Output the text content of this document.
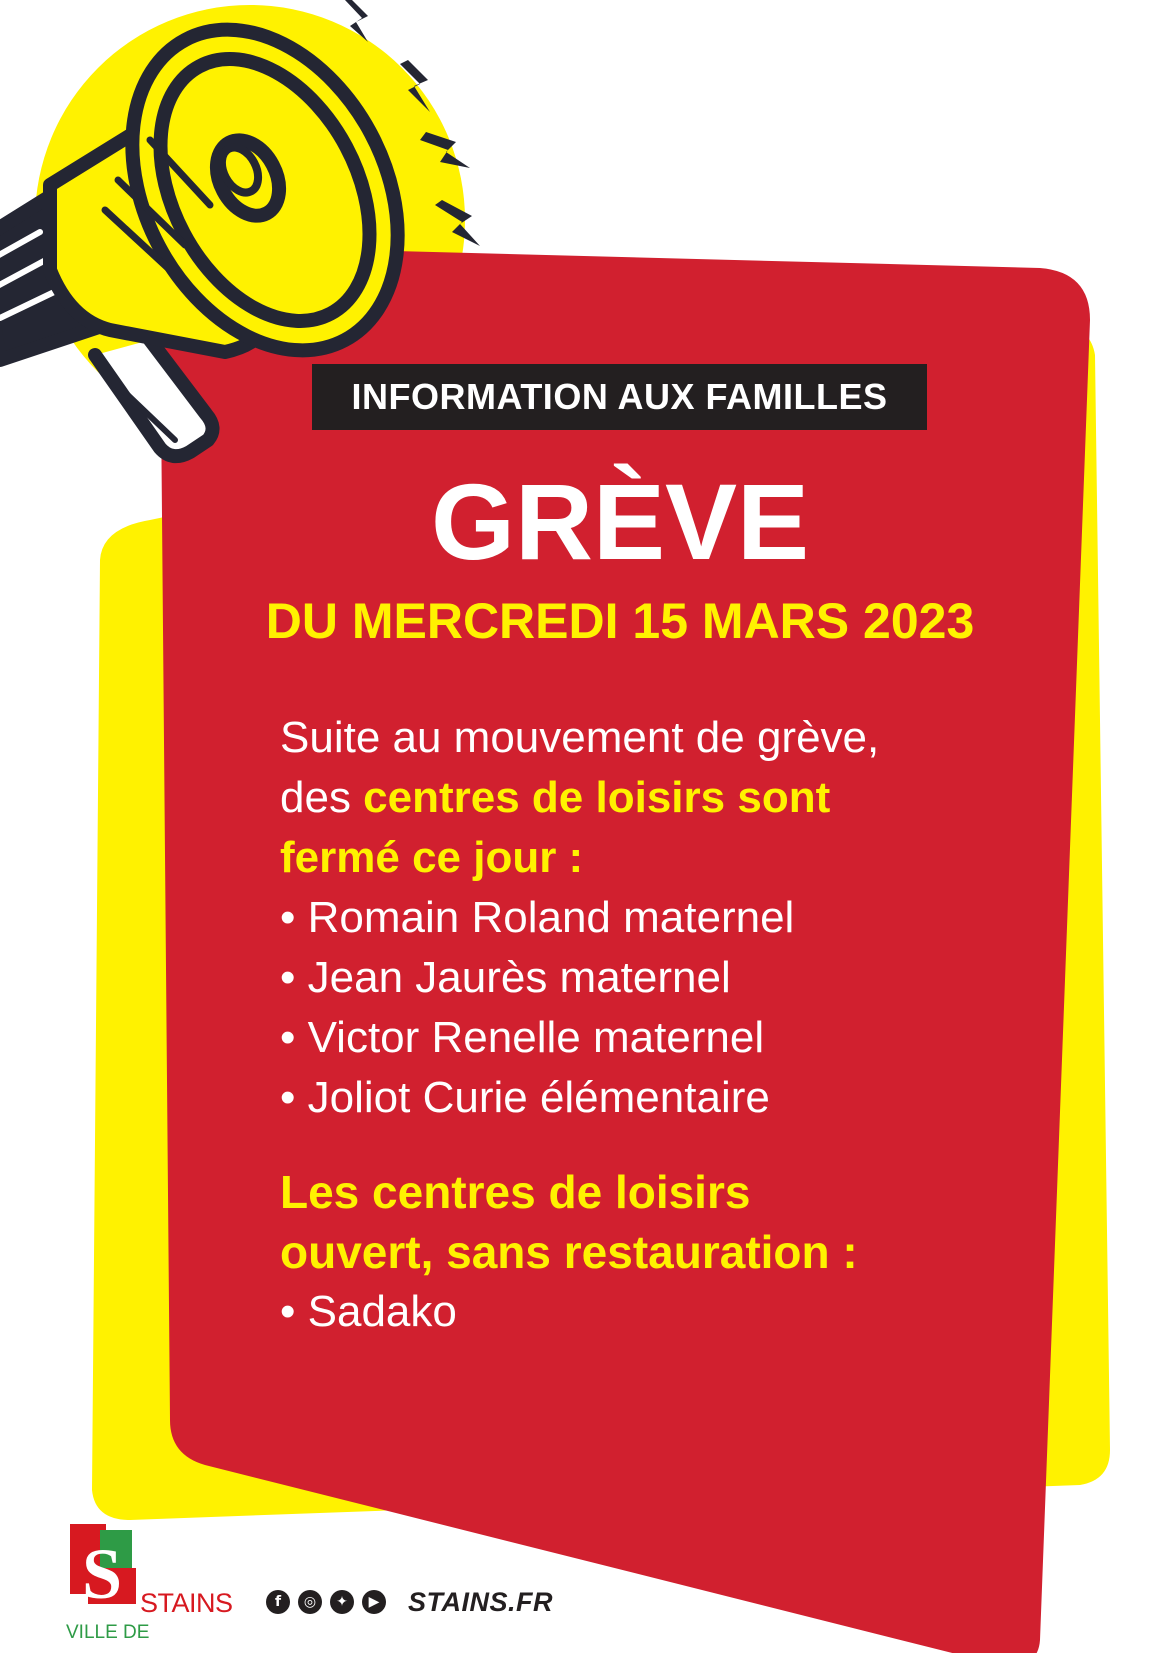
INFORMATION AUX FAMILLES
GRÈVE
DU MERCREDI 15 MARS 2023

Suite au mouvement de grève,

des centres de loisirs sont

fermé ce jour :

• Romain Roland maternel
• Jean Jaurès maternel
• Victor Renelle maternel
• Joliot Curie élémentaire

Les centres de loisirs
ouvert, sans restauration :

• Sadako
S STAINS
VILLE DE
f	◎	✦	▶ STAINS.FR
